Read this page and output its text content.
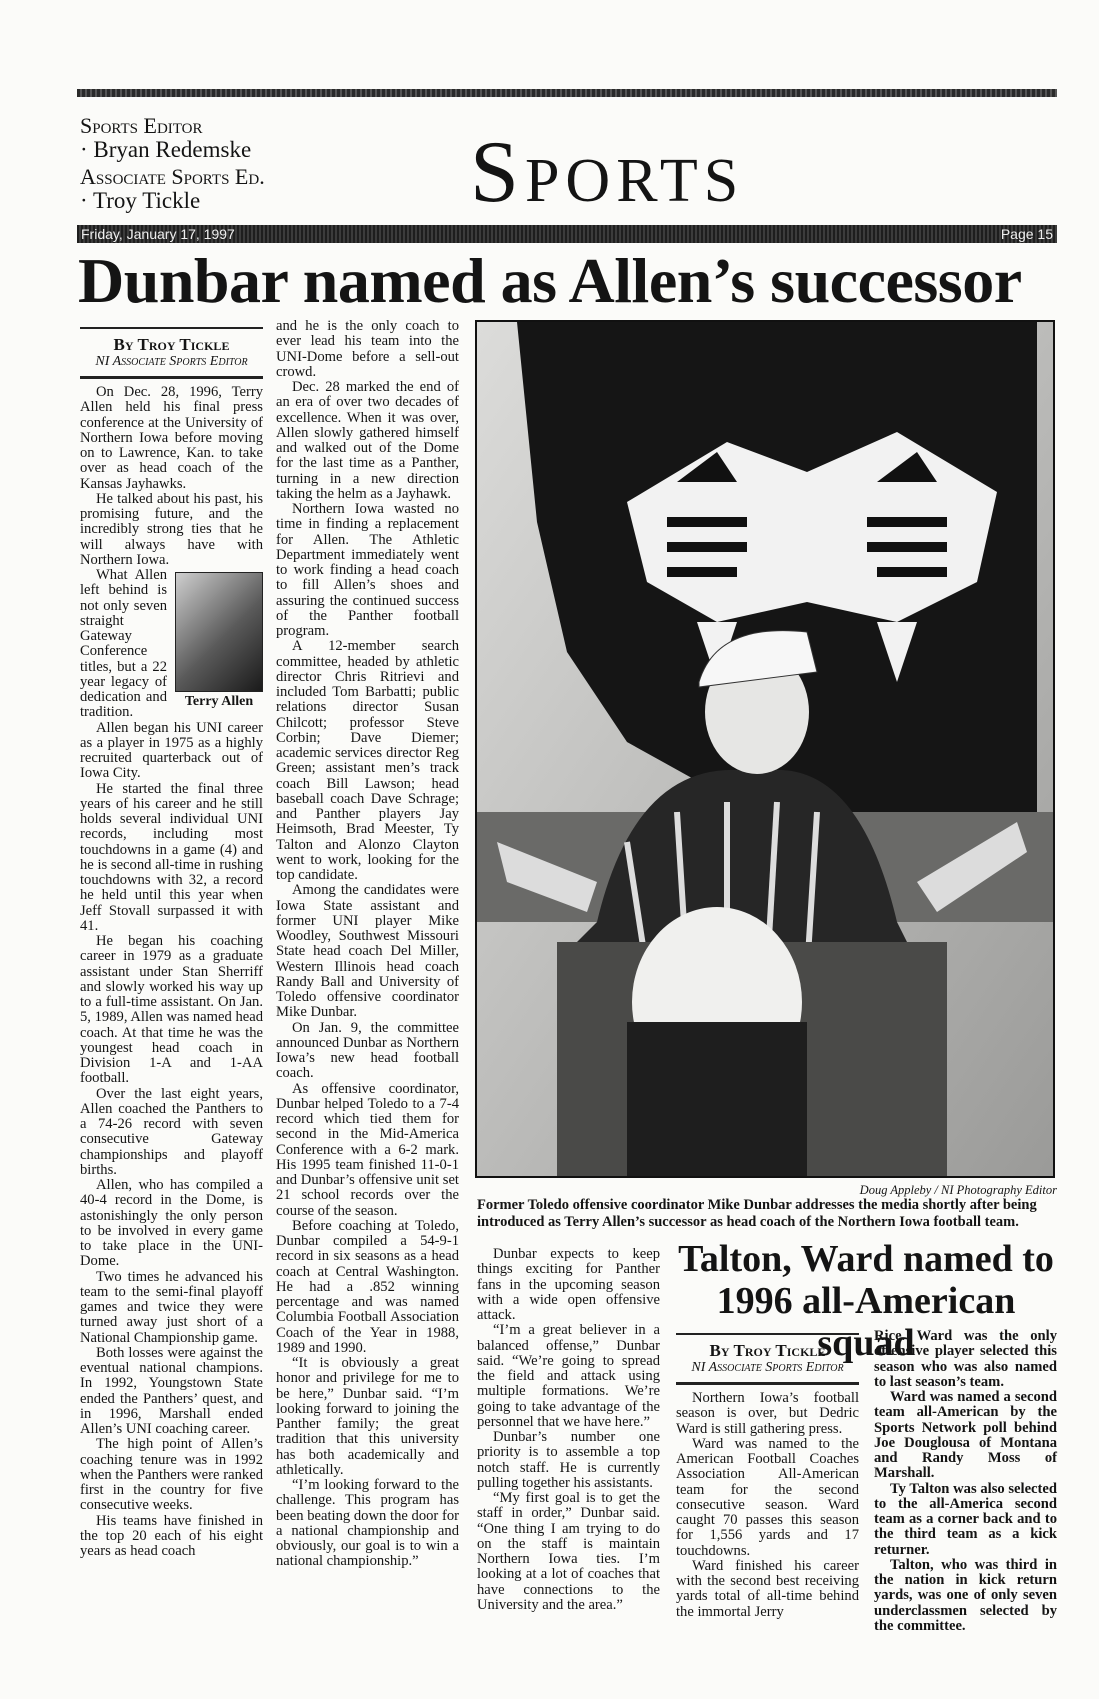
Sports Editor
· Bryan Redemske
Associate Sports Ed.
· Troy Tickle	Sports
Friday, January 17, 1997	Page 15
Dunbar named as Allen’s successor
By Troy Tickle
NI Associate Sports Editor

On Dec. 28, 1996, Terry Allen held his final press conference at the University of Northern Iowa before moving on to Lawrence, Kan. to take over as head coach of the Kansas Jayhawks.

He talked about his past, his promising future, and the incredibly strong ties that he will always have with Northern Iowa.

Terry Allen
What Allen left behind is not only seven straight Gateway Conference titles, but a 22 year legacy of dedication and tradition.

Allen began his UNI career as a player in 1975 as a highly recruited quarterback out of Iowa City.

He started the final three years of his career and he still holds several individual UNI records, including most touchdowns in a game (4) and he is second all-time in rushing touchdowns with 32, a record he held until this year when Jeff Stovall surpassed it with 41.

He began his coaching career in 1979 as a graduate assistant under Stan Sherriff and slowly worked his way up to a full-time assistant. On Jan. 5, 1989, Allen was named head coach. At that time he was the youngest head coach in Division 1-A and 1-AA football.

Over the last eight years, Allen coached the Panthers to a 74-26 record with seven consecutive Gateway championships and playoff births.

Allen, who has compiled a 40-4 record in the Dome, is astonishingly the only person to be involved in every game to take place in the UNI-Dome.

Two times he advanced his team to the semi-final playoff games and twice they were turned away just short of a National Championship game.

Both losses were against the eventual national champions. In 1992, Youngstown State ended the Panthers’ quest, and in 1996, Marshall ended Allen’s UNI coaching career.

The high point of Allen’s coaching tenure was in 1992 when the Panthers were ranked first in the country for five consecutive weeks.

His teams have finished in the top 20 each of his eight years as head coach

and he is the only coach to ever lead his team into the UNI-Dome before a sell-out crowd.

Dec. 28 marked the end of an era of over two decades of excellence. When it was over, Allen slowly gathered himself and walked out of the Dome for the last time as a Panther, turning in a new direction taking the helm as a Jayhawk.

Northern Iowa wasted no time in finding a replacement for Allen. The Athletic Department immediately went to work finding a head coach to fill Allen’s shoes and assuring the continued success of the Panther football program.

A 12-member search committee, headed by athletic director Chris Ritrievi and included Tom Barbatti; public relations director Susan Chilcott; professor Steve Corbin; Dave Diemer; academic services director Reg Green; assistant men’s track coach Bill Lawson; head baseball coach Dave Schrage; and Panther players Jay Heimsoth, Brad Meester, Ty Talton and Alonzo Clayton went to work, looking for the top candidate.

Among the candidates were Iowa State assistant and former UNI player Mike Woodley, Southwest Missouri State head coach Del Miller, Western Illinois head coach Randy Ball and University of Toledo offensive coordinator Mike Dunbar.

On Jan. 9, the committee announced Dunbar as Northern Iowa’s new head football coach.

As offensive coordinator, Dunbar helped Toledo to a 7-4 record which tied them for second in the Mid-America Conference with a 6-2 mark. His 1995 team finished 11-0-1 and Dunbar’s offensive unit set 21 school records over the course of the season.

Before coaching at Toledo, Dunbar compiled a 54-9-1 record in six seasons as a head coach at Central Washington. He had a .852 winning percentage and was named Columbia Football Association Coach of the Year in 1988, 1989 and 1990.

“It is obviously a great honor and privilege for me to be here,” Dunbar said. “I’m looking forward to joining the Panther family; the great tradition that this university has both academically and athletically.

“I’m looking forward to the challenge. This program has been beating down the door for a national championship and obviously, our goal is to win a national championship.”

Doug Appleby / NI Photography Editor
Former Toledo offensive coordinator Mike Dunbar addresses the media shortly after being introduced as Terry Allen’s successor as head coach of the Northern Iowa football team.

Dunbar expects to keep things exciting for Panther fans in the upcoming season with a wide open offensive attack.

“I’m a great believer in a balanced offense,” Dunbar said. “We’re going to spread the field and attack using multiple formations. We’re going to take advantage of the personnel that we have here.”

Dunbar’s number one priority is to assemble a top notch staff. He is currently pulling together his assistants.

“My first goal is to get the staff in order,” Dunbar said. “One thing I am trying to do on the staff is maintain Northern Iowa ties. I’m looking at a lot of coaches that have connections to the University and the area.”

Talton, Ward named to 1996 all-American squad
By Troy Tickle
NI Associate Sports Editor

Northern Iowa’s football season is over, but Dedric Ward is still gathering press.

Ward was named to the American Football Coaches Association All-American team for the second consecutive season. Ward caught 70 passes this season for 1,556 yards and 17 touchdowns.

Ward finished his career with the second best receiving yards total of all-time behind the immortal Jerry

Rice. Ward was the only offensive player selected this season who was also named to last season’s team.

Ward was named a second team all-American by the Sports Network poll behind Joe Douglousa of Montana and Randy Moss of Marshall.

Ty Talton was also selected to the all-America second team as a corner back and to the third team as a kick returner.

Talton, who was third in the nation in kick return yards, was one of only seven underclassmen selected by the committee.
